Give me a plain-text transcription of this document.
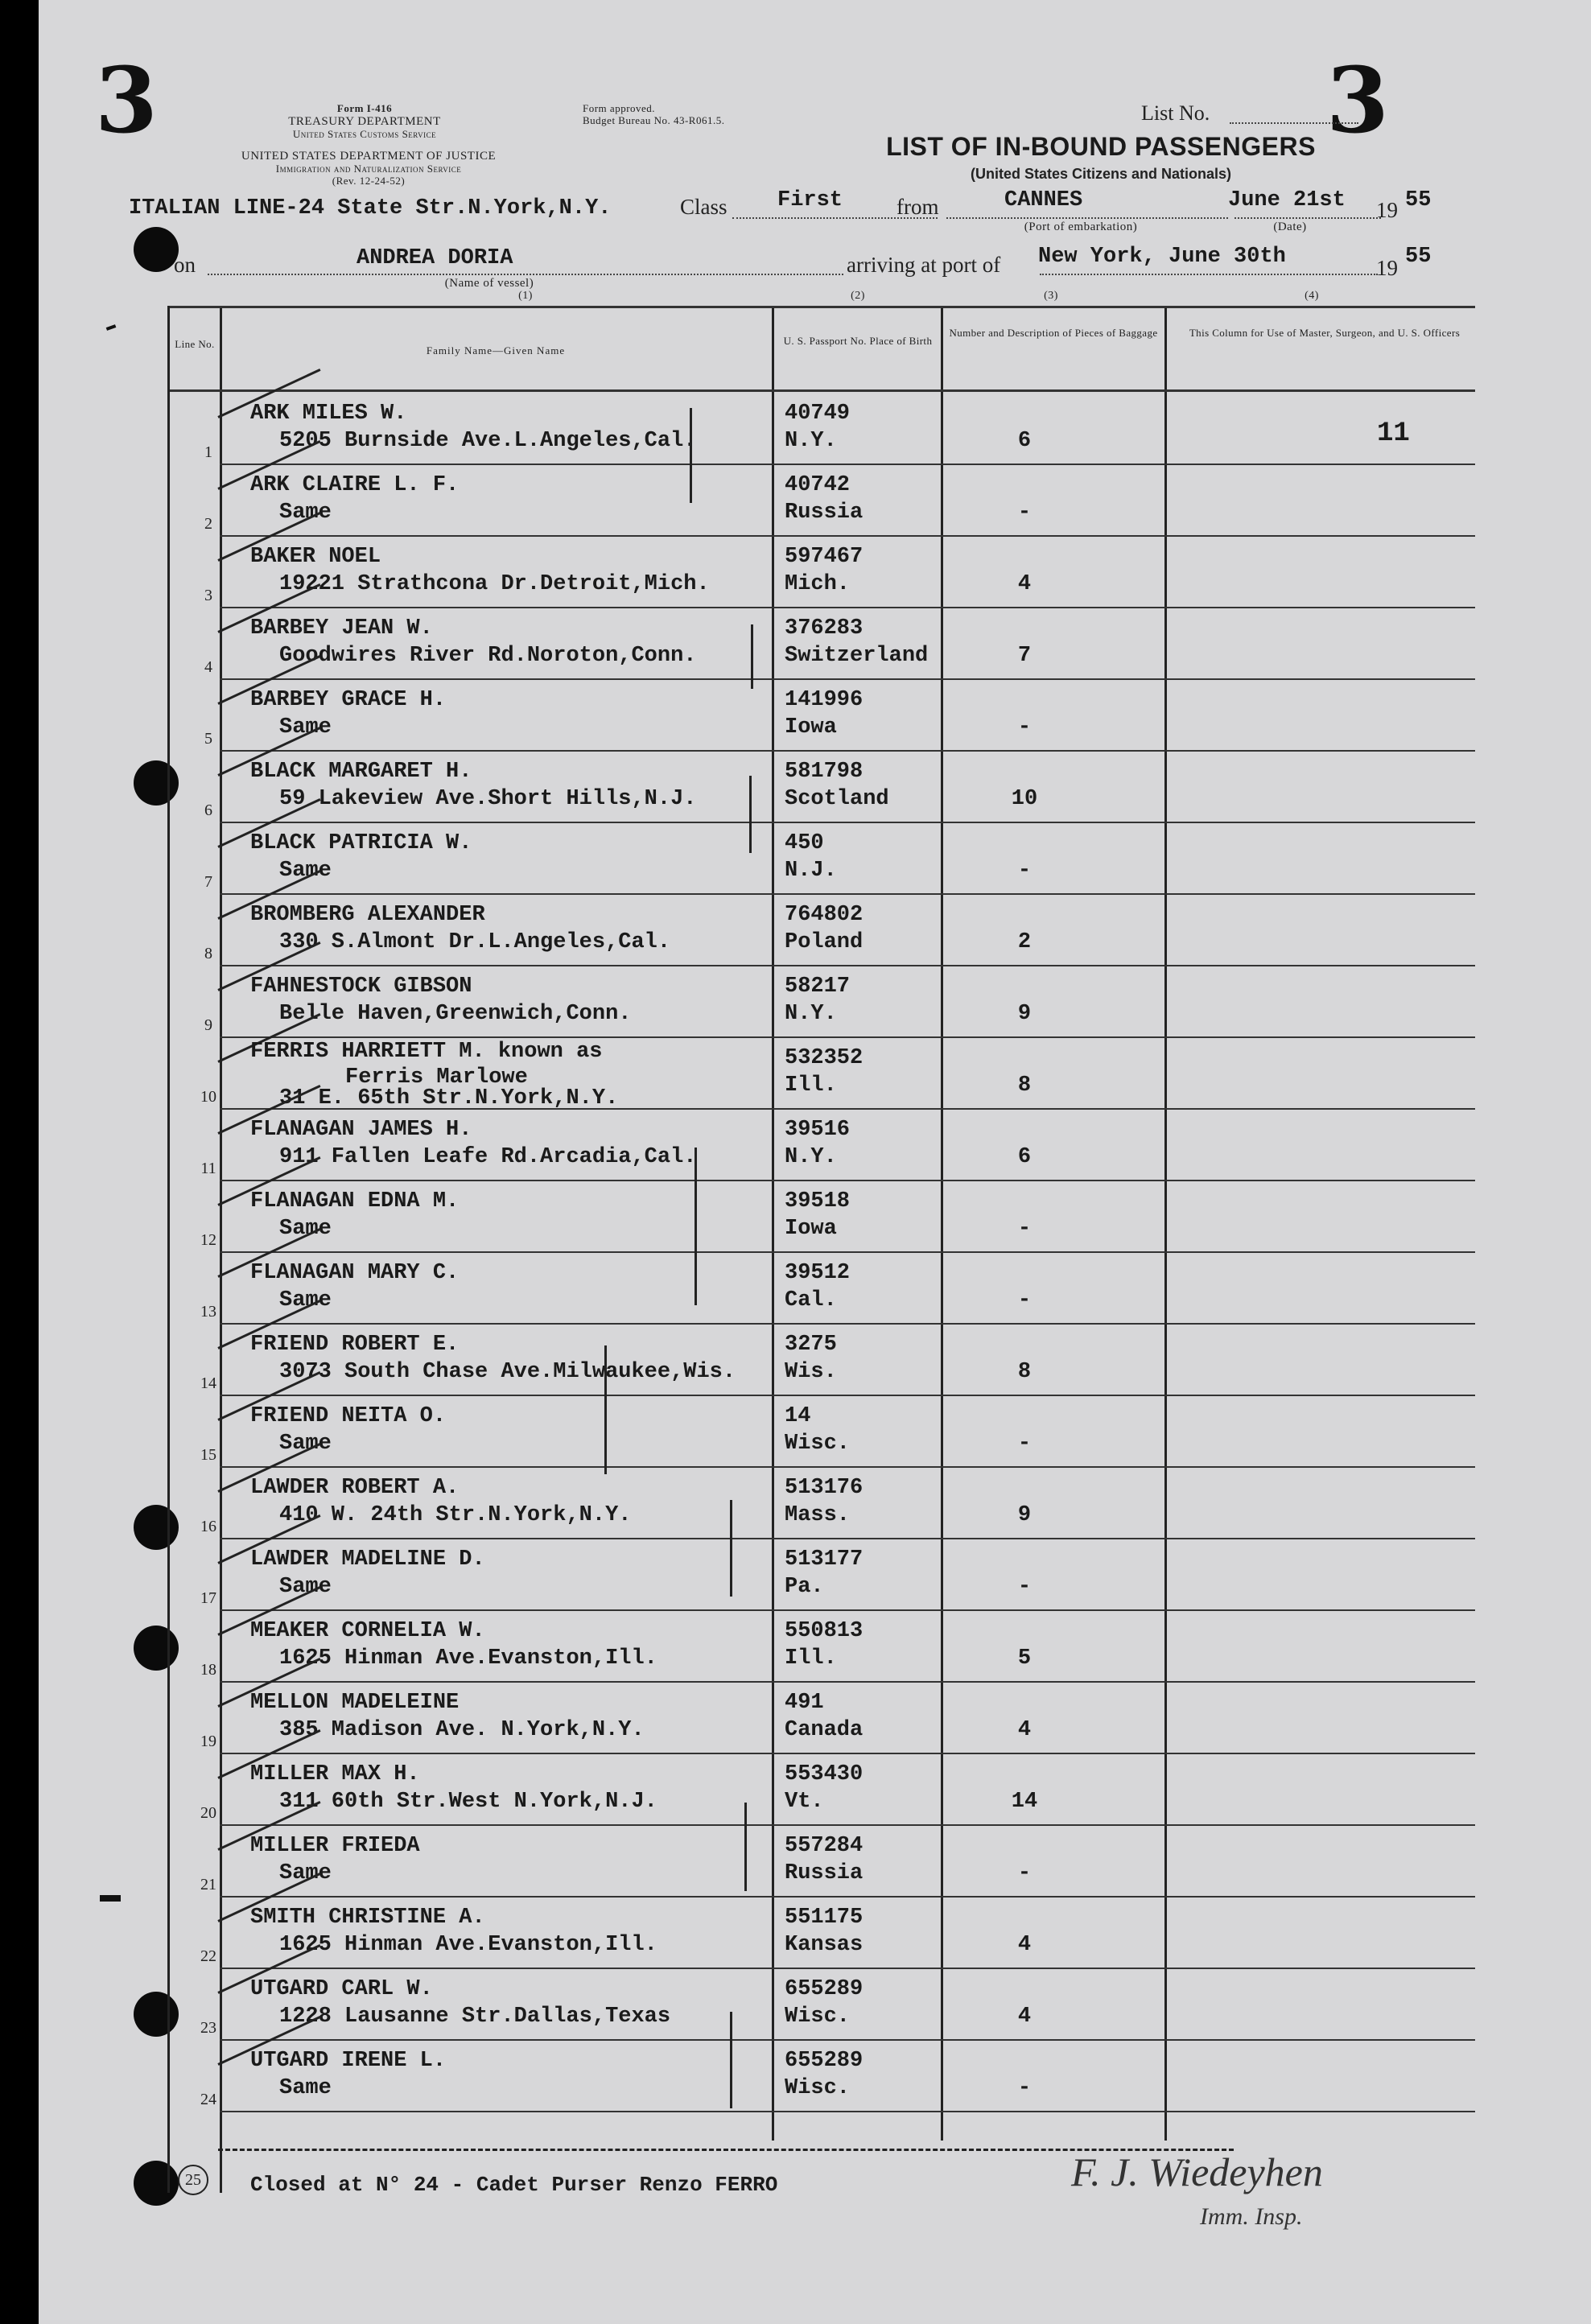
3	3
Form I-416
TREASURY DEPARTMENT
United States Customs Service
UNITED STATES DEPARTMENT OF JUSTICE
Immigration and Naturalization Service
(Rev. 12-24-52)
Form approved.
Budget Bureau No. 43-R061.5.	List No.
LIST OF IN-BOUND PASSENGERS
(United States Citizens and Nationals)
ITALIAN LINE-24 State Str.N.York,N.Y.	Class First from	CANNES
(Port of embarkation)
June 21st
(Date)
19 55
on	ANDREA DORIA
(Name of vessel)
arriving at port of New York, June 30th	19 55
(1)	(2)	(3)	(4)
Line No.
Family Name—Given Name
U. S. Passport No. Place of Birth
Number and Description of Pieces of Baggage	This Column for Use of Master, Surgeon, and U. S. Officers
11
1
ARK MILES W.
5205 Burnside Ave.L.Angeles,Cal.
40749
N.Y.	6
2
ARK CLAIRE L. F.
Same
40742
Russia	-
3
BAKER NOEL
19221 Strathcona Dr.Detroit,Mich.
597467
Mich.	4
4
BARBEY JEAN W.
Goodwires River Rd.Noroton,Conn.
376283
Switzerland	7
5
BARBEY GRACE H.
Same
141996
Iowa	-
6
BLACK MARGARET H.
59 Lakeview Ave.Short Hills,N.J.
581798
Scotland	10
7
BLACK PATRICIA W.
Same
450
N.J.	-
8
BROMBERG ALEXANDER
330 S.Almont Dr.L.Angeles,Cal.
764802
Poland	2
9
FAHNESTOCK GIBSON
Belle Haven,Greenwich,Conn.
58217
N.Y.	9
10
FERRIS HARRIETT M. known as
Ferris Marlowe
31 E. 65th Str.N.York,N.Y.
532352
Ill.	8
11
FLANAGAN JAMES H.
911 Fallen Leafe Rd.Arcadia,Cal.
39516
N.Y.	6
12
FLANAGAN EDNA M.
Same
39518
Iowa	-
13
FLANAGAN MARY C.
Same
39512
Cal.	-
14
FRIEND ROBERT E.
3073 South Chase Ave.Milwaukee,Wis.
3275
Wis.	8
15
FRIEND NEITA O.
Same
14
Wisc.	-
16
LAWDER ROBERT A.
410 W. 24th Str.N.York,N.Y.
513176
Mass.	9
17
LAWDER MADELINE D.
Same
513177
Pa.	-
18
MEAKER CORNELIA W.
1625 Hinman Ave.Evanston,Ill.
550813
Ill.	5
19
MELLON MADELEINE
385 Madison Ave. N.York,N.Y.
491
Canada	4
20
MILLER MAX H.
311 60th Str.West N.York,N.J.
553430
Vt.	14
21
MILLER FRIEDA
Same
557284
Russia	-
22
SMITH CHRISTINE A.
1625 Hinman Ave.Evanston,Ill.
551175
Kansas	4
23
UTGARD CARL W.
1228 Lausanne Str.Dallas,Texas
655289
Wisc.	4
24
UTGARD IRENE L.
Same
655289
Wisc.	-
25	Closed at N° 24 - Cadet Purser Renzo FERRO	F. J. Wiedeyhen
Imm. Insp.
